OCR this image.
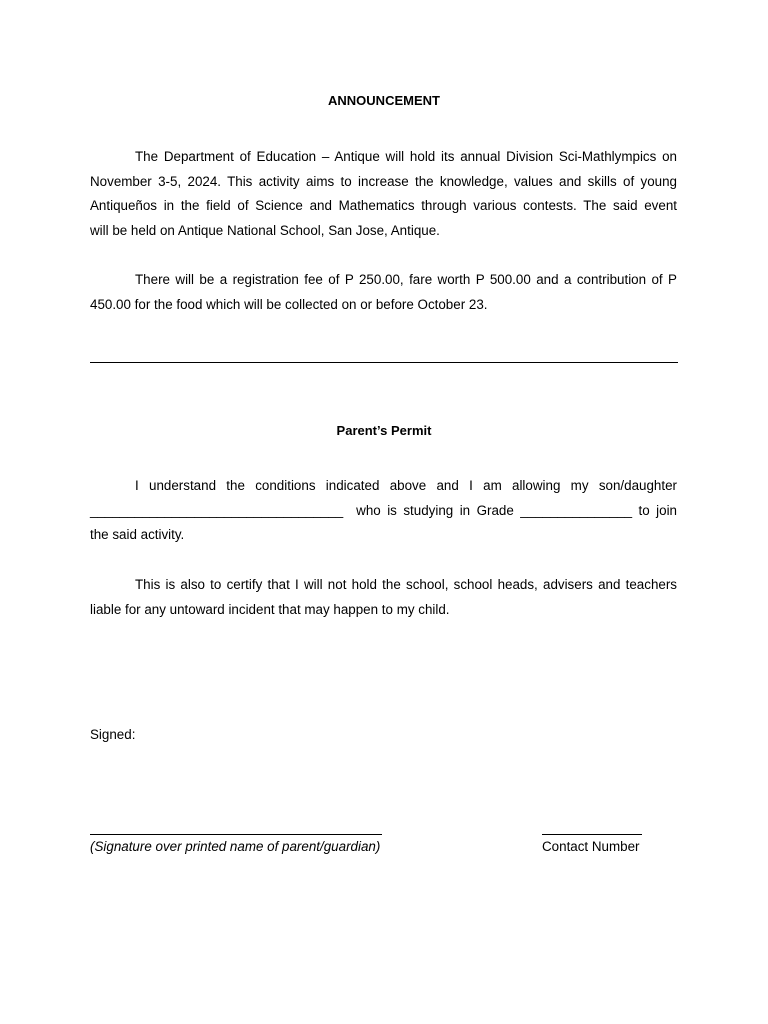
ANNOUNCEMENT
The Department of Education – Antique will hold its annual Division Sci-Mathlympics on
November 3-5, 2024. This activity aims to increase the knowledge, values and skills of young
Antiqueños in the field of Science and Mathematics through various contests. The said event
will be held on Antique National School, San Jose, Antique.
There will be a registration fee of P 250.00, fare worth P 500.00 and a contribution of P
450.00 for the food which will be collected on or before October 23.
Parent’s Permit
I understand the conditions indicated above and I am allowing my son/daughter
__________________________________  who is studying in Grade _______________ to join
the said activity.
This is also to certify that I will not hold the school, school heads, advisers and teachers
liable for any untoward incident that may happen to my child.
Signed:
(Signature over printed name of parent/guardian)	Contact Number
